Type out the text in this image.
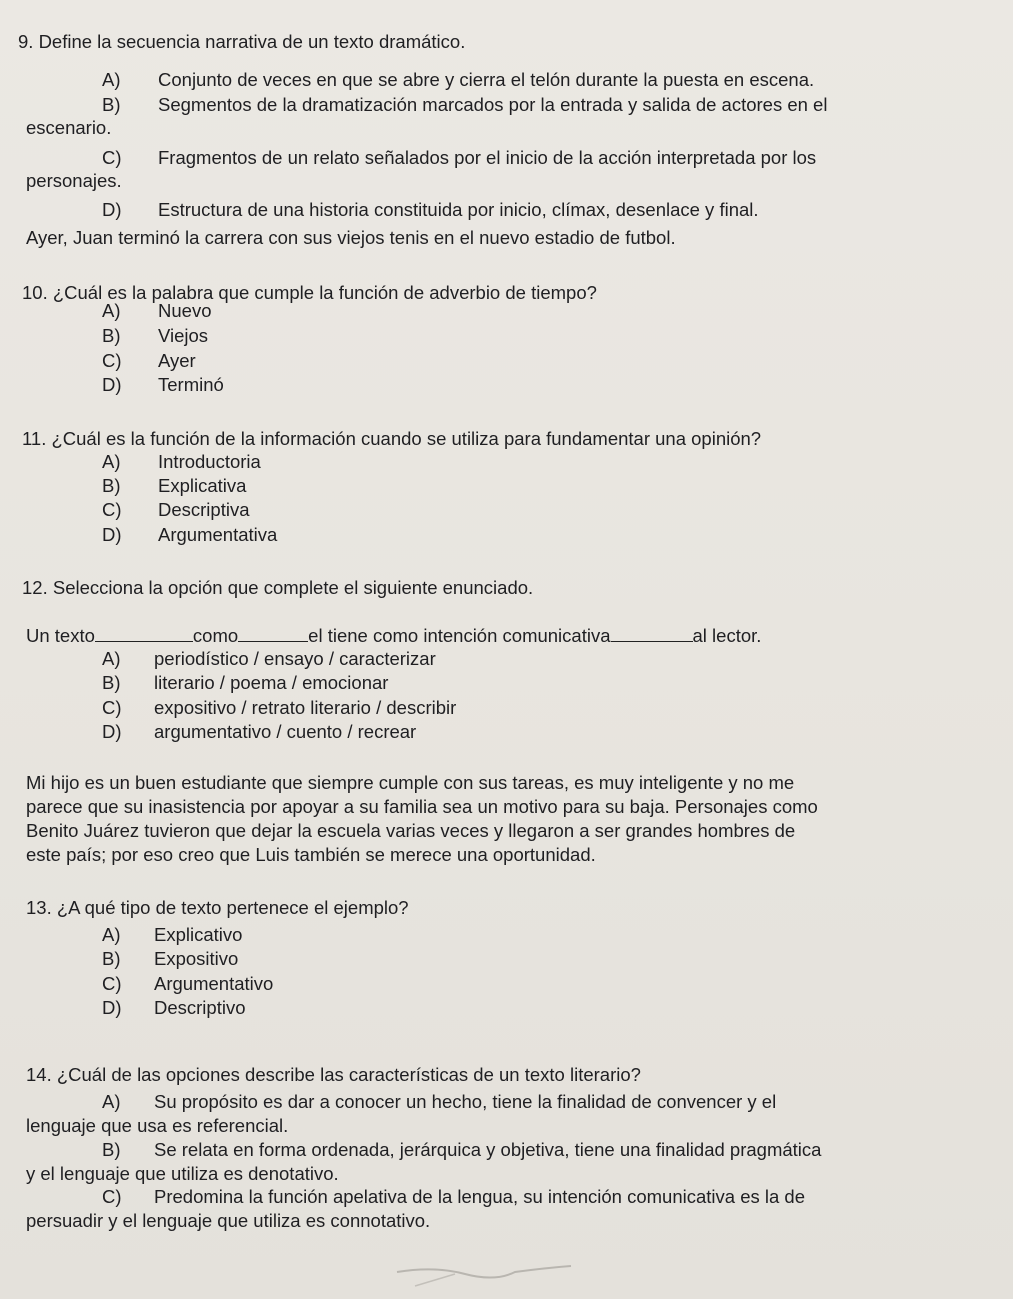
9. Define la secuencia narrativa de un texto dramático.
A) Conjunto de veces en que se abre y cierra el telón durante la puesta en escena.
B) Segmentos de la dramatización marcados por la entrada y salida de actores en el
escenario.
C) Fragmentos de un relato señalados por el inicio de la acción interpretada por los
personajes.
D) Estructura de una historia constituida por inicio, clímax, desenlace y final.
Ayer, Juan terminó la carrera con sus viejos tenis en el nuevo estadio de futbol.
10. ¿Cuál es la palabra que cumple la función de adverbio de tiempo?
A) Nuevo
B) Viejos
C) Ayer
D) Terminó
11. ¿Cuál es la función de la información cuando se utiliza para fundamentar una opinión?
A) Introductoria
B) Explicativa
C) Descriptiva
D) Argumentativa
12. Selecciona la opción que complete el siguiente enunciado.
Un texto	como	el tiene como intención comunicativa	al lector.
A) periodístico / ensayo / caracterizar
B) literario / poema / emocionar
C) expositivo / retrato literario / describir
D) argumentativo / cuento / recrear
Mi hijo es un buen estudiante que siempre cumple con sus tareas, es muy inteligente y no me
parece que su inasistencia por apoyar a su familia sea un motivo para su baja. Personajes como
Benito Juárez tuvieron que dejar la escuela varias veces y llegaron a ser grandes hombres de
este país; por eso creo que Luis también se merece una oportunidad.
13. ¿A qué tipo de texto pertenece el ejemplo?
A) Explicativo
B) Expositivo
C) Argumentativo
D) Descriptivo
14. ¿Cuál de las opciones describe las características de un texto literario?
A) Su propósito es dar a conocer un hecho, tiene la finalidad de convencer y el
lenguaje que usa es referencial.
B) Se relata en forma ordenada, jerárquica y objetiva, tiene una finalidad pragmática
y el lenguaje que utiliza es denotativo.
C) Predomina la función apelativa de la lengua, su intención comunicativa es la de
persuadir y el lenguaje que utiliza es connotativo.
